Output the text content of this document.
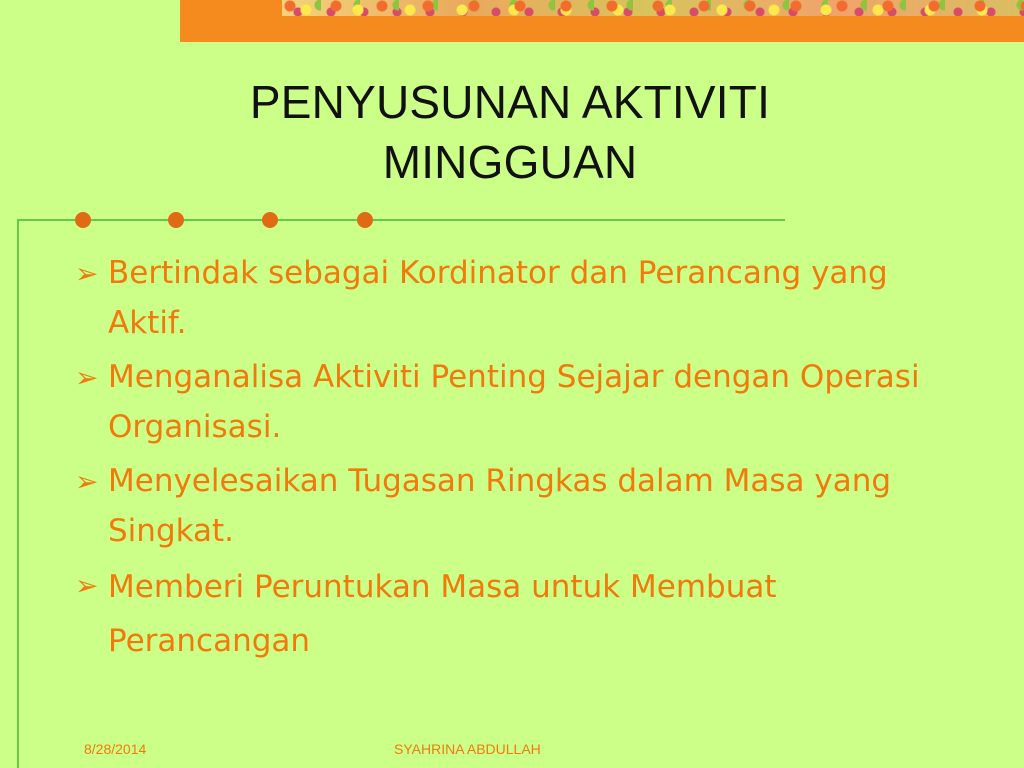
PENYUSUNAN AKTIVITI
MINGGUAN
➢ Bertindak sebagai Kordinator dan Perancang yang Aktif.
➢ Menganalisa Aktiviti Penting Sejajar dengan Operasi Organisasi.
➢ Menyelesaikan Tugasan Ringkas dalam Masa yang Singkat.
➢ Memberi Peruntukan Masa untuk Membuat Perancangan
8/28/2014	SYAHRINA ABDULLAH
